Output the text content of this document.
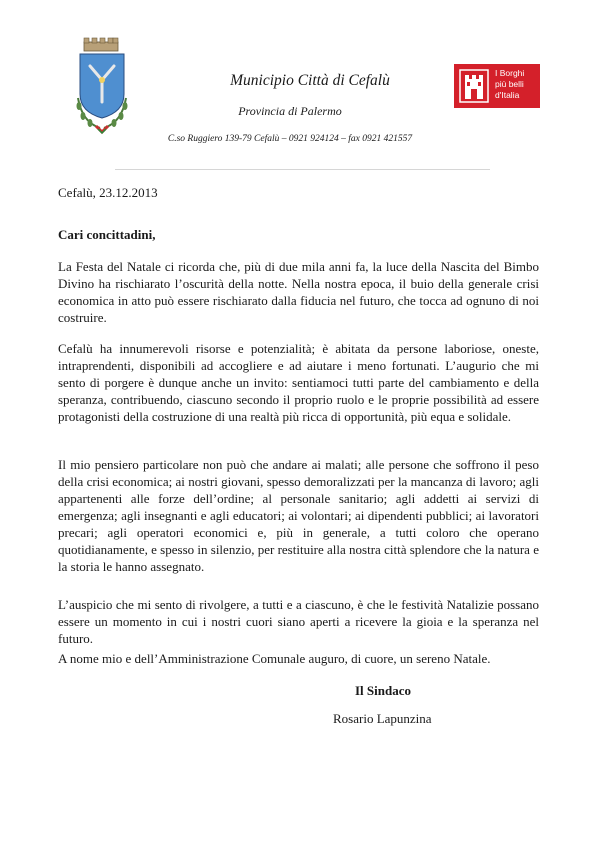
I Borghi
più belli
d'Italia
Municipio Città di Cefalù
Provincia di Palermo
C.so Ruggiero 139-79 Cefalù – 0921 924124 – fax 0921 421557
Cefalù, 23.12.2013
Cari concittadini,

La Festa del Natale ci ricorda che, più di due mila anni fa, la luce della Nascita del Bimbo Divino ha rischiarato l’oscurità della notte. Nella nostra epoca, il buio della generale crisi economica in atto può essere rischiarato dalla fiducia nel futuro, che tocca ad ognuno di noi costruire.

Cefalù ha innumerevoli risorse e potenzialità; è abitata da persone laboriose, oneste, intraprendenti, disponibili ad accogliere e ad aiutare i meno fortunati. L’augurio che mi sento di porgere è dunque anche un invito: sentiamoci tutti parte del cambiamento e della speranza, contribuendo, ciascuno secondo il proprio ruolo e le proprie possibilità ad essere protagonisti della costruzione di una realtà più ricca di opportunità, più equa e solidale.

Il mio pensiero particolare non può che andare ai malati; alle persone che soffrono il peso della crisi economica; ai nostri giovani, spesso demoralizzati per la mancanza di lavoro; agli appartenenti alle forze dell’ordine; al personale sanitario; agli addetti ai servizi di emergenza; agli insegnanti e agli educatori; ai volontari; ai dipendenti pubblici; ai lavoratori precari; agli operatori economici e, più in generale, a tutti coloro che operano quotidianamente, e spesso in silenzio, per restituire alla nostra città splendore che la natura e la storia le hanno assegnato.

L’auspicio che mi sento di rivolgere, a tutti e a ciascuno, è che le festività Natalizie possano essere un momento in cui i nostri cuori siano aperti a ricevere la gioia e la speranza nel futuro.

A nome mio e dell’Amministrazione Comunale auguro, di cuore, un sereno Natale.

Il Sindaco
Rosario Lapunzina
